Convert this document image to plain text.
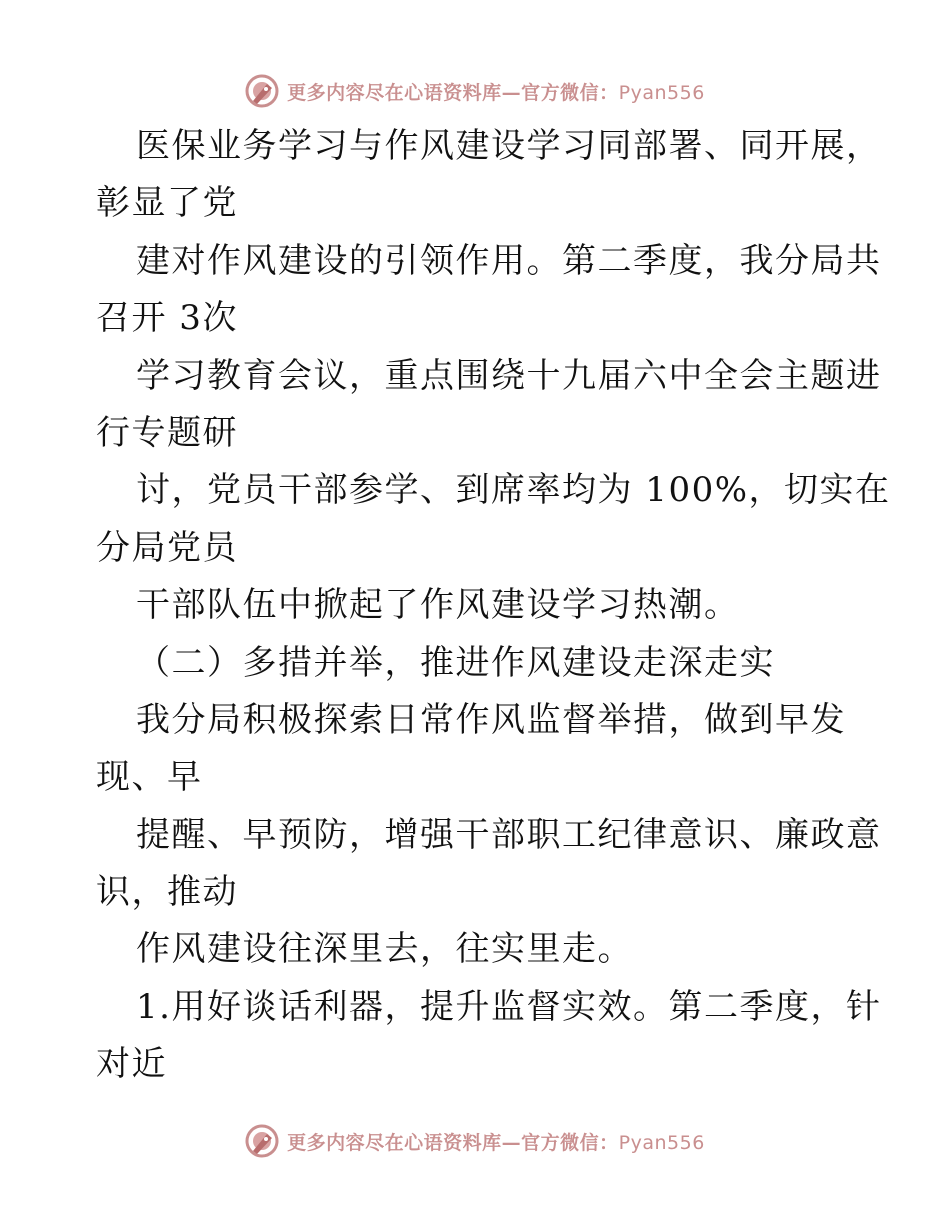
更多内容尽在心语资料库—官方微信：Pyan556
医保业务学习与作风建设学习同部署、同开展，
彰显了党
建对作风建设的引领作用。第二季度，我分局共
召开 3次
学习教育会议，重点围绕十九届六中全会主题进
行专题研
讨，党员干部参学、到席率均为 100%，切实在
分局党员
干部队伍中掀起了作风建设学习热潮。
（二）多措并举，推进作风建设走深走实
我分局积极探索日常作风监督举措，做到早发
现、早
提醒、早预防，增强干部职工纪律意识、廉政意
识，推动
作风建设往深里去，往实里走。
1.用好谈话利器，提升监督实效。第二季度，针
对近
更多内容尽在心语资料库—官方微信：Pyan556
